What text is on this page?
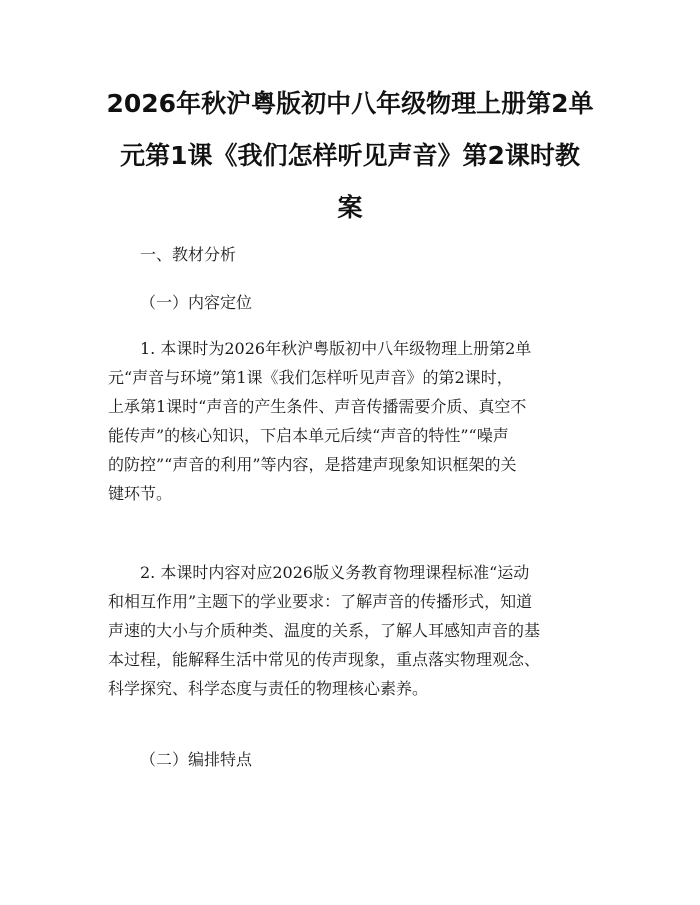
2026年秋沪粤版初中八年级物理上册第2单
元第1课《我们怎样听见声音》第2课时教
案

一、教材分析

（一）内容定位

　　1. 本课时为2026年秋沪粤版初中八年级物理上册第2单
元“声音与环境”第1课《我们怎样听见声音》的第2课时，
上承第1课时“声音的产生条件、声音传播需要介质、真空不
能传声”的核心知识，下启本单元后续“声音的特性”“噪声
的防控”“声音的利用”等内容，是搭建声现象知识框架的关
键环节。
　　2. 本课时内容对应2026版义务教育物理课程标准“运动
和相互作用”主题下的学业要求：了解声音的传播形式，知道
声速的大小与介质种类、温度的关系，了解人耳感知声音的基
本过程，能解释生活中常见的传声现象，重点落实物理观念、
科学探究、科学态度与责任的物理核心素养。

（二）编排特点
